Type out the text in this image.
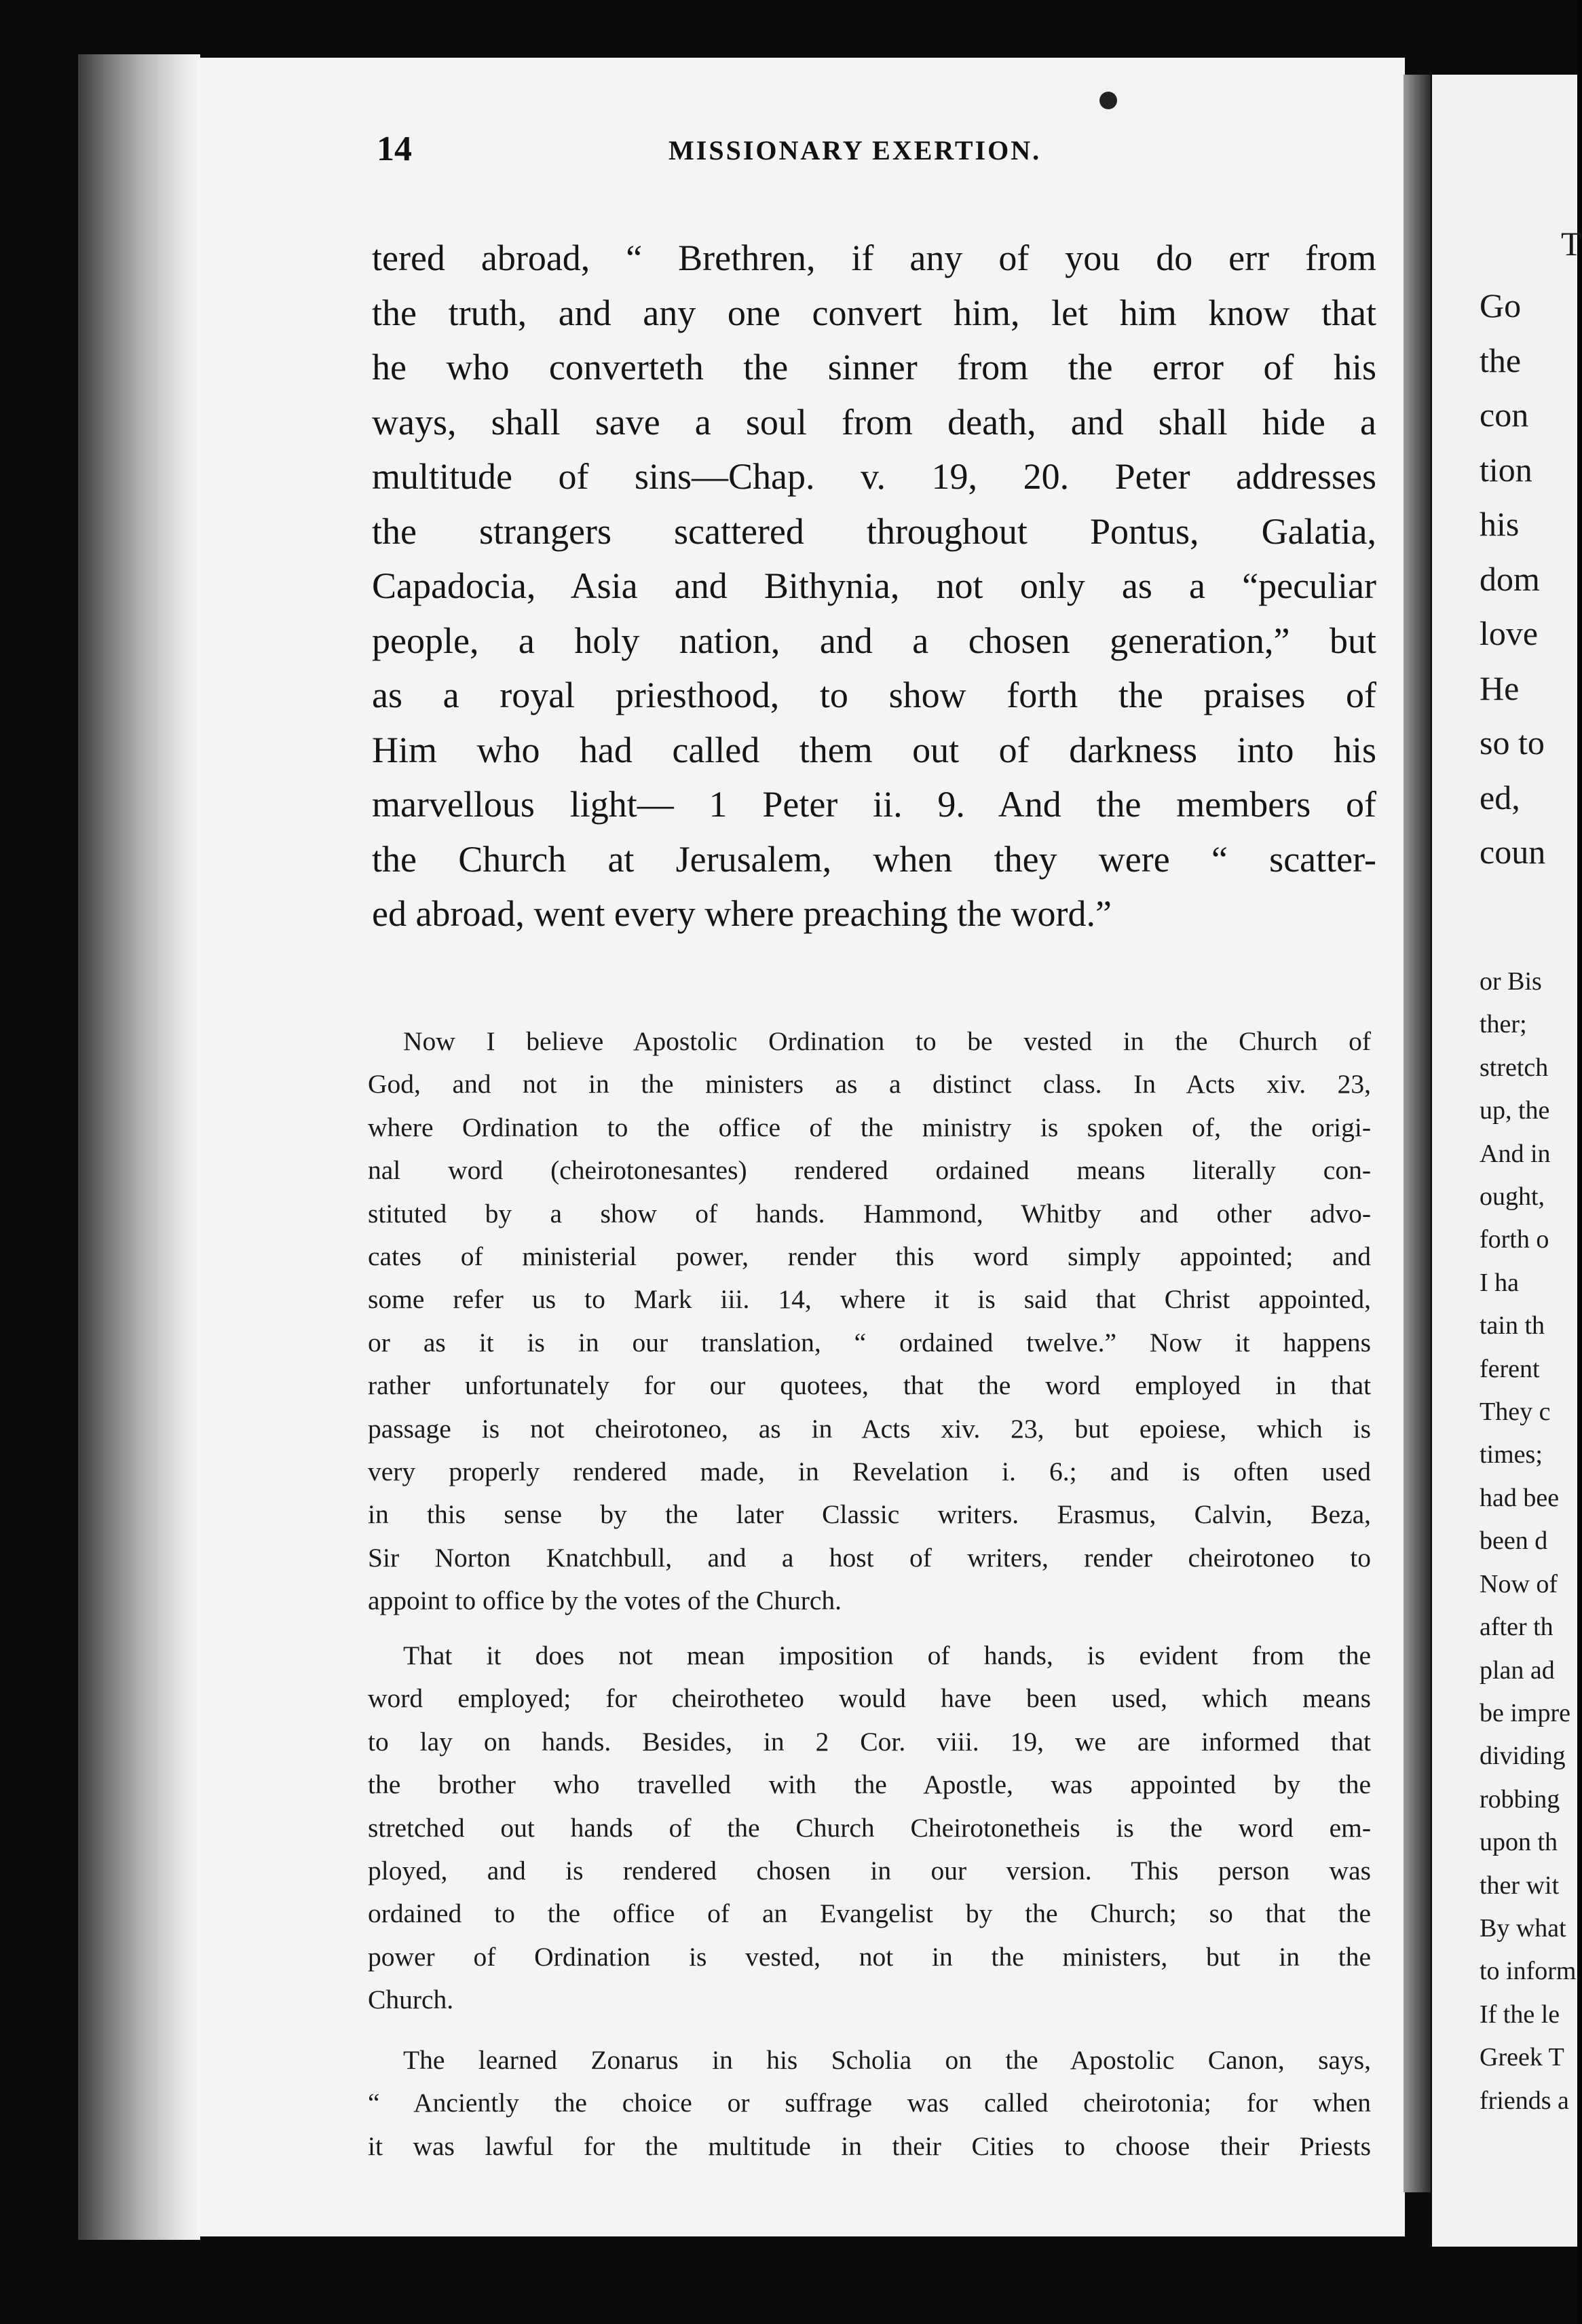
14	MISSIONARY EXERTION.
tered abroad, “ Brethren, if any of you do err from
the truth, and any one convert him, let him know that
he who converteth the sinner from the error of his
ways, shall save a soul from death, and shall hide a
multitude of sins—Chap. v. 19, 20. Peter addresses
the strangers scattered throughout Pontus, Galatia,
Capadocia, Asia and Bithynia, not only as a “peculiar
people, a holy nation, and a chosen generation,” but
as a royal priesthood, to show forth the praises of
Him who had called them out of darkness into his
marvellous light— 1 Peter ii. 9. And the members of
the Church at Jerusalem, when they were “ scatter-
ed abroad, went every where preaching the word.”
Now I believe Apostolic Ordination to be vested in the Church of
God, and not in the ministers as a distinct class. In Acts xiv. 23,
where Ordination to the office of the ministry is spoken of, the origi-
nal word (cheirotonesantes) rendered ordained means literally con-
stituted by a show of hands. Hammond, Whitby and other advo-
cates of ministerial power, render this word simply appointed; and
some refer us to Mark iii. 14, where it is said that Christ appointed,
or as it is in our translation, “ ordained twelve.” Now it happens
rather unfortunately for our quotees, that the word employed in that
passage is not cheirotoneo, as in Acts xiv. 23, but epoiese, which is
very properly rendered made, in Revelation i. 6.; and is often used
in this sense by the later Classic writers. Erasmus, Calvin, Beza,
Sir Norton Knatchbull, and a host of writers, render cheirotoneo to
appoint to office by the votes of the Church.
That it does not mean imposition of hands, is evident from the
word employed; for cheirotheteo would have been used, which means
to lay on hands. Besides, in 2 Cor. viii. 19, we are informed that
the brother who travelled with the Apostle, was appointed by the
stretched out hands of the Church Cheirotonetheis is the word em-
ployed, and is rendered chosen in our version. This person was
ordained to the office of an Evangelist by the Church; so that the
power of Ordination is vested, not in the ministers, but in the
Church.
The learned Zonarus in his Scholia on the Apostolic Canon, says,
“ Anciently the choice or suffrage was called cheirotonia; for when
it was lawful for the multitude in their Cities to choose their Priests
T
Go
the
con
tion
his
dom
love
He
so to
ed,
coun
or Bis
ther;
stretch
up, the
And in
ought,
forth o
I ha
tain th
ferent
They c
times;
had bee
been d
Now of
after th
plan ad
be impre
dividing
robbing
upon th
ther wit
By what
to inform
If the le
Greek T
friends a
